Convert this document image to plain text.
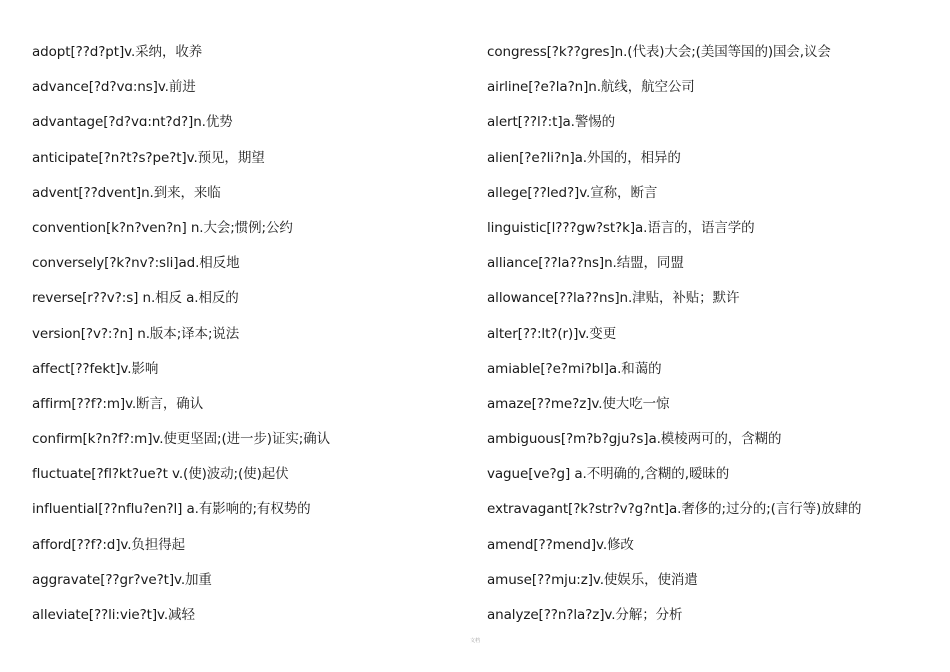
adopt[??d?pt]v.采纳，收养
advance[?d?vɑ:ns]v.前进
advantage[?d?vɑ:nt?d?]n.优势
anticipate[?n?t?s?pe?t]v.预见，期望
advent[??dvent]n.到来，来临
convention[k?n?ven?n] n.大会;惯例;公约
conversely[?k?nv?:sli]ad.相反地
reverse[r??v?:s] n.相反 a.相反的
version[?v?:?n] n.版本;译本;说法
affect[??fekt]v.影响
affirm[??f?:m]v.断言，确认
confirm[k?n?f?:m]v.使更坚固;(进一步)证实;确认
fluctuate[?fl?kt?ue?t v.(使)波动;(使)起伏
influential[??nflu?en?l] a.有影响的;有权势的
afford[??f?:d]v.负担得起
aggravate[??gr?ve?t]v.加重
alleviate[??li:vie?t]v.减轻
congress[?k??gres]n.(代表)大会;(美国等国的)国会,议会
airline[?e?la?n]n.航线，航空公司
alert[??l?:t]a.警惕的
alien[?e?li?n]a.外国的，相异的
allege[??led?]v.宣称，断言
linguistic[l???gw?st?k]a.语言的，语言学的
alliance[??la??ns]n.结盟，同盟
allowance[??la??ns]n.津贴，补贴；默许
alter[??:lt?(r)]v.变更
amiable[?e?mi?bl]a.和蔼的
amaze[??me?z]v.使大吃一惊
ambiguous[?m?b?gju?s]a.模棱两可的，含糊的
vague[ve?g] a.不明确的,含糊的,暧昧的
extravagant[?k?str?v?g?nt]a.奢侈的;过分的;(言行等)放肆的
amend[??mend]v.修改
amuse[??mju:z]v.使娱乐，使消遣
analyze[??n?la?z]v.分解；分析
文档
